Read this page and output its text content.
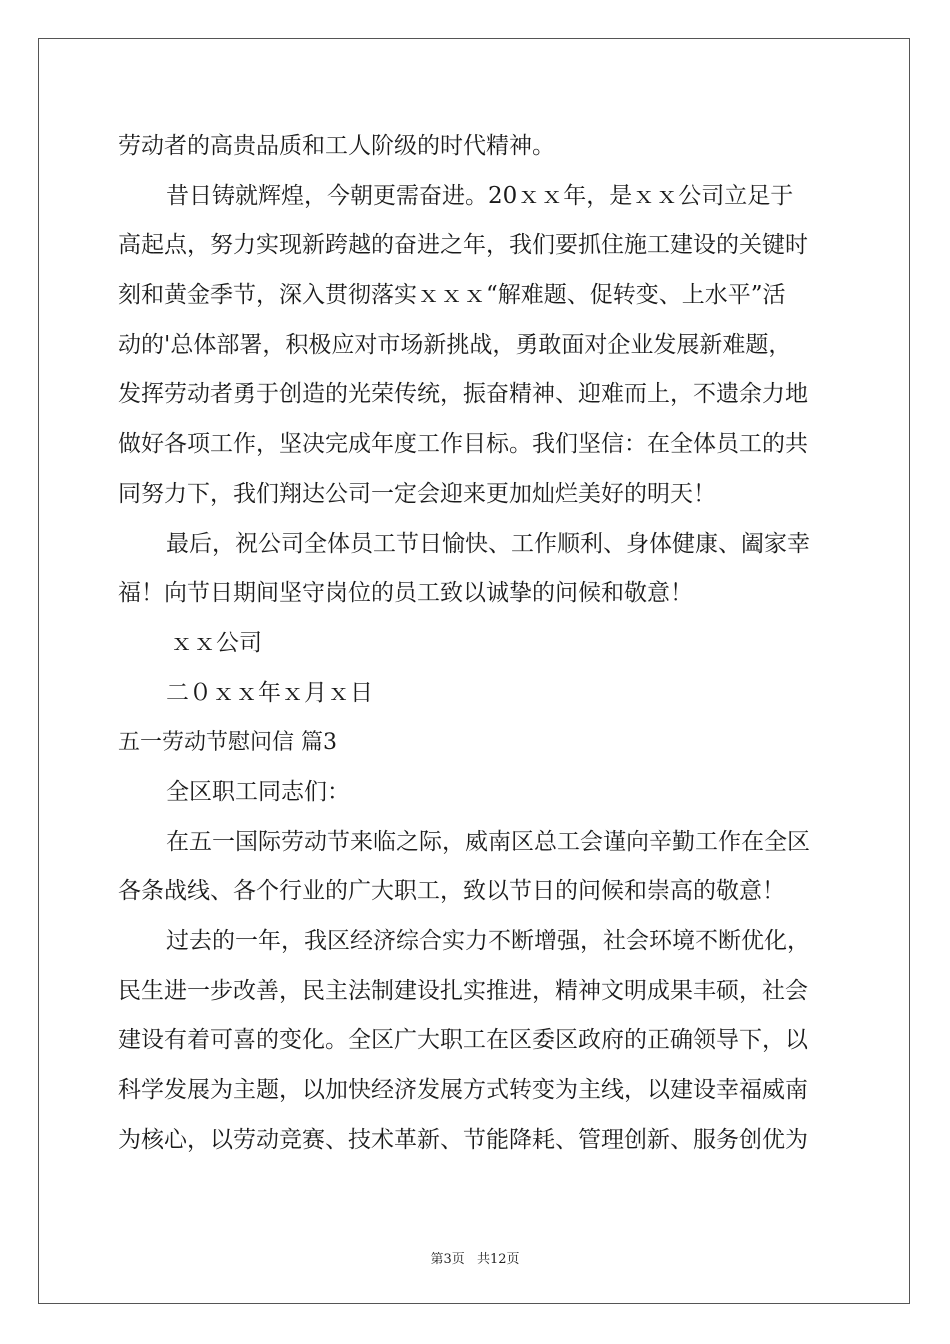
劳动者的高贵品质和工人阶级的时代精神。
昔日铸就辉煌，今朝更需奋进。20ｘｘ年，是ｘｘ公司立足于
高起点，努力实现新跨越的奋进之年，我们要抓住施工建设的关键时
刻和黄金季节，深入贯彻落实ｘｘｘ“解难题、促转变、上水平”活
动的'总体部署，积极应对市场新挑战，勇敢面对企业发展新难题，
发挥劳动者勇于创造的光荣传统，振奋精神、迎难而上，不遗余力地
做好各项工作，坚决完成年度工作目标。我们坚信：在全体员工的共
同努力下，我们翔达公司一定会迎来更加灿烂美好的明天！
最后，祝公司全体员工节日愉快、工作顺利、身体健康、阖家幸
福！向节日期间坚守岗位的员工致以诚挚的问候和敬意！
ｘｘ公司
二０ｘｘ年ｘ月ｘ日
五一劳动节慰问信 篇3
全区职工同志们：
在五一国际劳动节来临之际，威南区总工会谨向辛勤工作在全区
各条战线、各个行业的广大职工，致以节日的问候和崇高的敬意！
过去的一年，我区经济综合实力不断增强，社会环境不断优化，
民生进一步改善，民主法制建设扎实推进，精神文明成果丰硕，社会
建设有着可喜的变化。全区广大职工在区委区政府的正确领导下，以
科学发展为主题，以加快经济发展方式转变为主线，以建设幸福威南
为核心，以劳动竞赛、技术革新、节能降耗、管理创新、服务创优为
第3页 共12页
